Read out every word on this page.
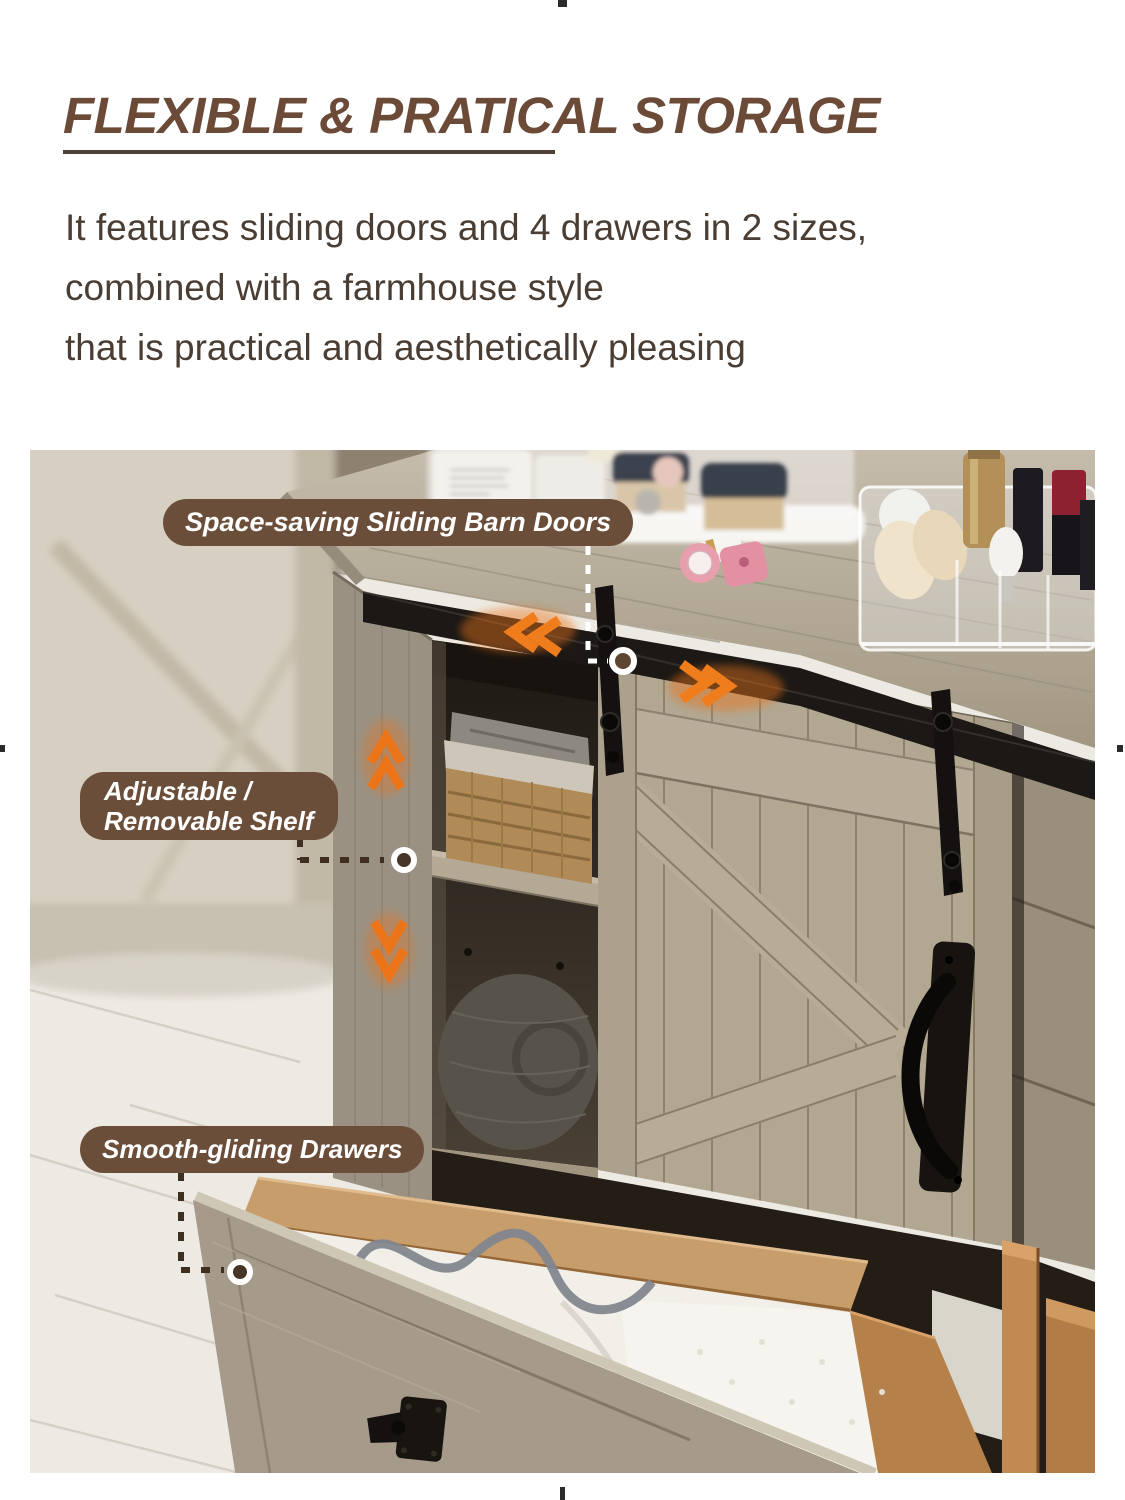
FLEXIBLE & PRATICAL STORAGE
It features sliding doors and 4 drawers in 2 sizes,
combined with a farmhouse style
that is practical and aesthetically pleasing
Space-saving Sliding Barn Doors
Adjustable /
Removable Shelf
Smooth-gliding Drawers
